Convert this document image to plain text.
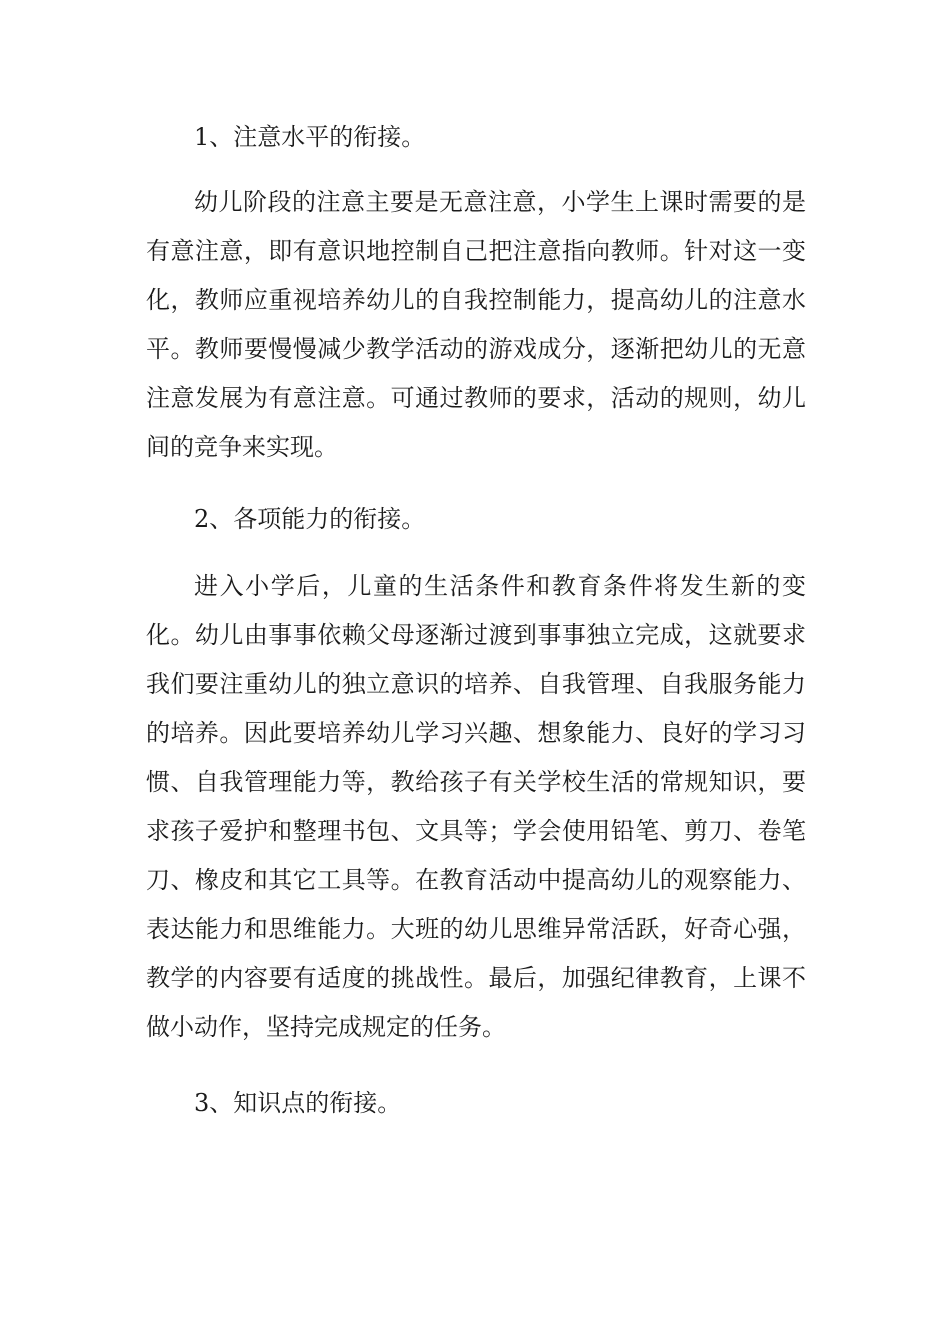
1、注意水平的衔接。

幼儿阶段的注意主要是无意注意，小学生上课时需要的是有意注意，即有意识地控制自己把注意指向教师。针对这一变化，教师应重视培养幼儿的自我控制能力，提高幼儿的注意水平。教师要慢慢减少教学活动的游戏成分，逐渐把幼儿的无意注意发展为有意注意。可通过教师的要求，活动的规则，幼儿间的竞争来实现。

2、各项能力的衔接。

进入小学后，儿童的生活条件和教育条件将发生新的变化。幼儿由事事依赖父母逐渐过渡到事事独立完成，这就要求我们要注重幼儿的独立意识的培养、自我管理、自我服务能力的培养。因此要培养幼儿学习兴趣、想象能力、良好的学习习惯、自我管理能力等，教给孩子有关学校生活的常规知识，要求孩子爱护和整理书包、文具等；学会使用铅笔、剪刀、卷笔刀、橡皮和其它工具等。在教育活动中提高幼儿的观察能力、表达能力和思维能力。大班的幼儿思维异常活跃，好奇心强，教学的内容要有适度的挑战性。最后，加强纪律教育，上课不做小动作，坚持完成规定的任务。

3、知识点的衔接。
